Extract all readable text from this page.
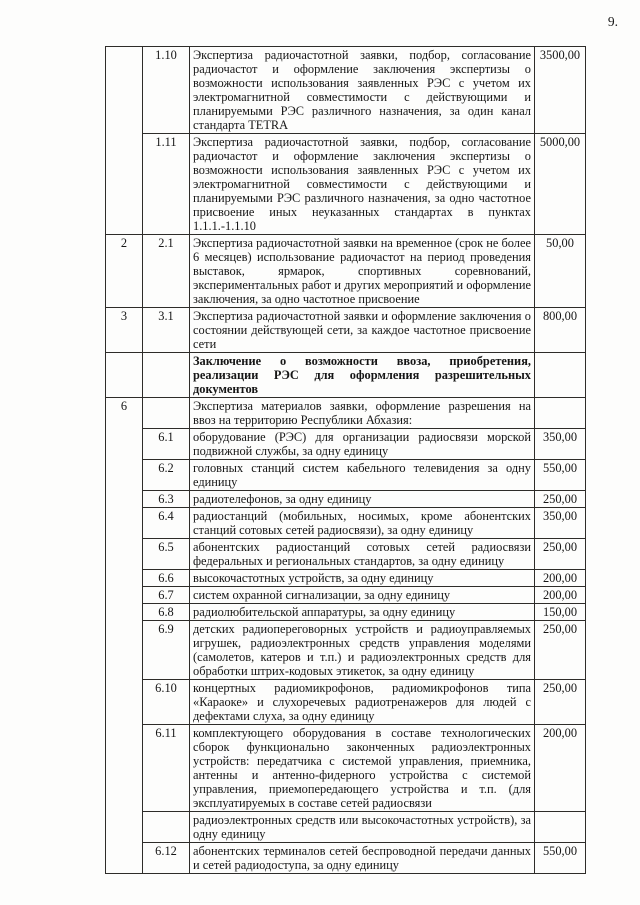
9.
	1.10	Экспертиза радиочастотной заявки, подбор, согласование радиочастот и оформление заключения экспертизы о возможности использования заявленных РЭС с учетом их электромагнитной совместимости с действующими и планируемыми РЭС различного назначения, за один канал стандарта TETRA	3500,00
	1.11	Экспертиза радиочастотной заявки, подбор, согласование радиочастот и оформление заключения экспертизы о возможности использования заявленных РЭС с учетом их электромагнитной совместимости с действующими и планируемыми РЭС различного назначения, за одно частотное присвоение иных неуказанных стандартах в пунктах 1.1.1.-1.1.10	5000,00
2	2.1	Экспертиза радиочастотной заявки на временное (срок не более 6 месяцев) использование радиочастот на период проведения выставок, ярмарок, спортивных соревнований, экспериментальных работ и других мероприятий и оформление заключения, за одно частотное присвоение	50,00
3	3.1	Экспертиза радиочастотной заявки и оформление заключения о состоянии действующей сети, за каждое частотное присвоение сети	800,00
		Заключение о возможности ввоза, приобретения, реализации РЭС для оформления разрешительных документов	
6		Экспертиза материалов заявки, оформление разрешения на ввоз на территорию Республики Абхазия:	
	6.1	оборудование (РЭС) для организации радиосвязи морской подвижной службы, за одну единицу	350,00
	6.2	головных станций систем кабельного телевидения за одну единицу	550,00
	6.3	радиотелефонов, за одну единицу	250,00
	6.4	радиостанций (мобильных, носимых, кроме абонентских станций сотовых сетей радиосвязи), за одну единицу	350,00
	6.5	абонентских радиостанций сотовых сетей радиосвязи федеральных и региональных стандартов, за одну единицу	250,00
	6.6	высокочастотных устройств, за одну единицу	200,00
	6.7	систем охранной сигнализации, за одну единицу	200,00
	6.8	радиолюбительской аппаратуры, за одну единицу	150,00
	6.9	детских радиопереговорных устройств и радиоуправляемых игрушек, радиоэлектронных средств управления моделями (самолетов, катеров и т.п.) и радиоэлектронных средств для обработки штрих-кодовых этикеток, за одну единицу	250,00
	6.10	концертных радиомикрофонов, радиомикрофонов типа «Караоке» и слухоречевых радиотренажеров для людей с дефектами слуха, за одну единицу	250,00
	6.11	комплектующего оборудования в составе технологических сборок функционально законченных радиоэлектронных устройств: передатчика с системой управления, приемника, антенны и антенно-фидерного устройства с системой управления, приемопередающего устройства и т.п. (для эксплуатируемых в составе сетей радиосвязи	200,00
		радиоэлектронных средств или высокочастотных устройств), за одну единицу	
	6.12	абонентских терминалов сетей беспроводной передачи данных и сетей радиодоступа, за одну единицу	550,00
